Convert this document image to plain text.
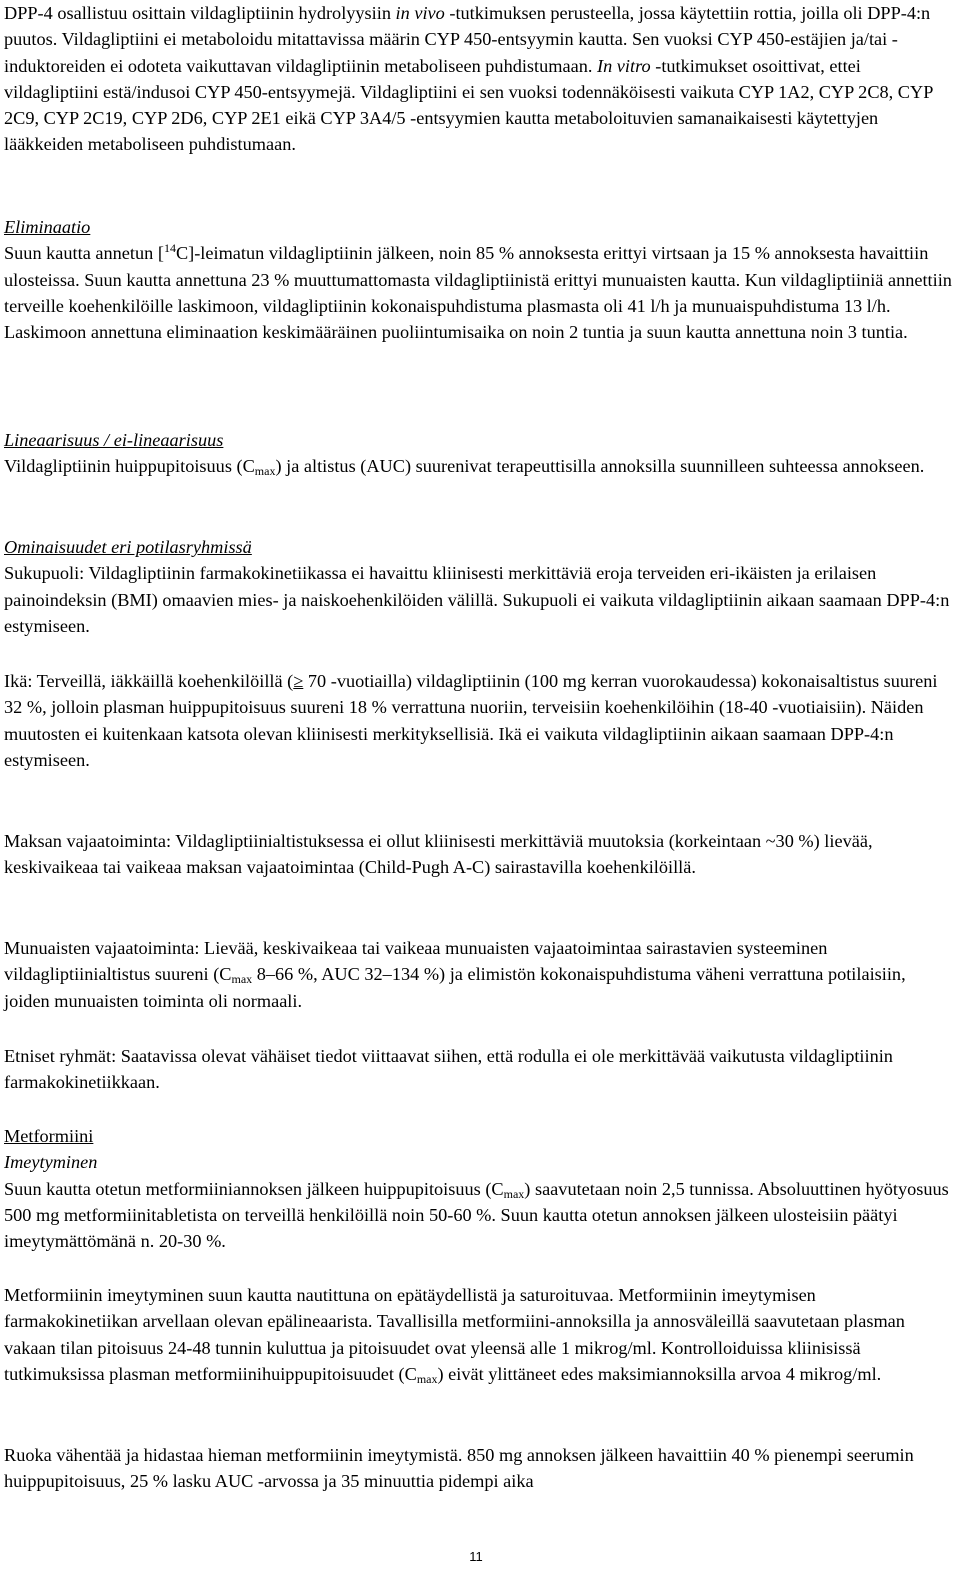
DPP-4 osallistuu osittain vildagliptiinin hydrolyysiin in vivo -tutkimuksen perusteella, jossa käytettiin rottia, joilla oli DPP-4:n puutos. Vildagliptiini ei metaboloidu mitattavissa määrin CYP 450-entsyymin kautta. Sen vuoksi CYP 450-estäjien ja/tai -induktoreiden ei odoteta vaikuttavan vildagliptiinin metaboliseen puhdistumaan. In vitro -tutkimukset osoittivat, ettei vildagliptiini estä/indusoi CYP 450-entsyymejä. Vildagliptiini ei sen vuoksi todennäköisesti vaikuta CYP 1A2, CYP 2C8, CYP 2C9, CYP 2C19, CYP 2D6, CYP 2E1 eikä CYP 3A4/5 -entsyymien kautta metaboloituvien samanaikaisesti käytettyjen lääkkeiden metaboliseen puhdistumaan.

Eliminaatio
Suun kautta annetun [$^{14}$C]-leimatun vildagliptiinin jälkeen, noin 85 % annoksesta erittyi virtsaan ja 15 % annoksesta havaittiin ulosteissa. Suun kautta annettuna 23 % muuttumattomasta vildagliptiinistä erittyi munuaisten kautta. Kun vildagliptiiniä annettiin terveille koehenkilöille laskimoon, vildagliptiinin kokonaispuhdistuma plasmasta oli 41 l/h ja munuaispuhdistuma 13 l/h. Laskimoon annettuna eliminaation keskimääräinen puoliintumisaika on noin 2 tuntia ja suun kautta annettuna noin 3 tuntia.

Lineaarisuus / ei-lineaarisuus
Vildagliptiinin huippupitoisuus $(C_{max})$ ja altistus (AUC) suurenivat terapeuttisilla annoksilla suunnilleen suhteessa annokseen.

Ominaisuudet eri potilasryhmissä
Sukupuoli: Vildagliptiinin farmakokinetiikassa ei havaittu kliinisesti merkittäviä eroja terveiden eri-ikäisten ja erilaisen painoindeksin (BMI) omaavien mies- ja naiskoehenkilöiden välillä. Sukupuoli ei vaikuta vildagliptiinin aikaan saamaan DPP-4:n estymiseen.

Ikä: Terveillä, iäkkäillä koehenkilöillä (≥ 70 -vuotiailla) vildagliptiinin (100 mg kerran vuorokaudessa) kokonaisaltistus suureni 32 %, jolloin plasman huippupitoisuus suureni 18 % verrattuna nuoriin, terveisiin koehenkilöihin (18-40 -vuotiaisiin). Näiden muutosten ei kuitenkaan katsota olevan kliinisesti merkityksellisiä. Ikä ei vaikuta vildagliptiinin aikaan saamaan DPP-4:n estymiseen.

Maksan vajaatoiminta: Vildagliptiinialtistuksessa ei ollut kliinisesti merkittäviä muutoksia (korkeintaan ~30 %) lievää, keskivaikeaa tai vaikeaa maksan vajaatoimintaa (Child-Pugh A-C) sairastavilla koehenkilöillä.

Munuaisten vajaatoiminta: Lievää, keskivaikeaa tai vaikeaa munuaisten vajaatoimintaa sairastavien systeeminen vildagliptiinialtistus suureni ($C_{max}$ 8–66 %, AUC 32–134 %) ja elimistön kokonaispuhdistuma väheni verrattuna potilaisiin, joiden munuaisten toiminta oli normaali.

Etniset ryhmät: Saatavissa olevat vähäiset tiedot viittaavat siihen, että rodulla ei ole merkittävää vaikutusta vildagliptiinin farmakokinetiikkaan.

Metformiini
Imeytyminen
Suun kautta otetun metformiiniannoksen jälkeen huippupitoisuus $(C_{max})$ saavutetaan noin 2,5 tunnissa. Absoluuttinen hyötyosuus 500 mg metformiinitabletista on terveillä henkilöillä noin 50-60 %. Suun kautta otetun annoksen jälkeen ulosteisiin päätyi imeytymättömänä n. 20-30 %.

Metformiinin imeytyminen suun kautta nautittuna on epätäydellistä ja saturoituvaa. Metformiinin imeytymisen farmakokinetiikan arvellaan olevan epälineaarista. Tavallisilla metformiini-annoksilla ja annosväleillä saavutetaan plasman vakaan tilan pitoisuus 24-48 tunnin kuluttua ja pitoisuudet ovat yleensä alle 1 mikrog/ml. Kontrolloiduissa kliinisissä tutkimuksissa plasman metformiinihuippupitoisuudet $(C_{max})$ eivät ylittäneet edes maksimiannoksilla arvoa 4 mikrog/ml.

Ruoka vähentää ja hidastaa hieman metformiinin imeytymistä. 850 mg annoksen jälkeen havaittiin 40 % pienempi seerumin huippupitoisuus, 25 % lasku AUC -arvossa ja 35 minuuttia pidempi aika

11
